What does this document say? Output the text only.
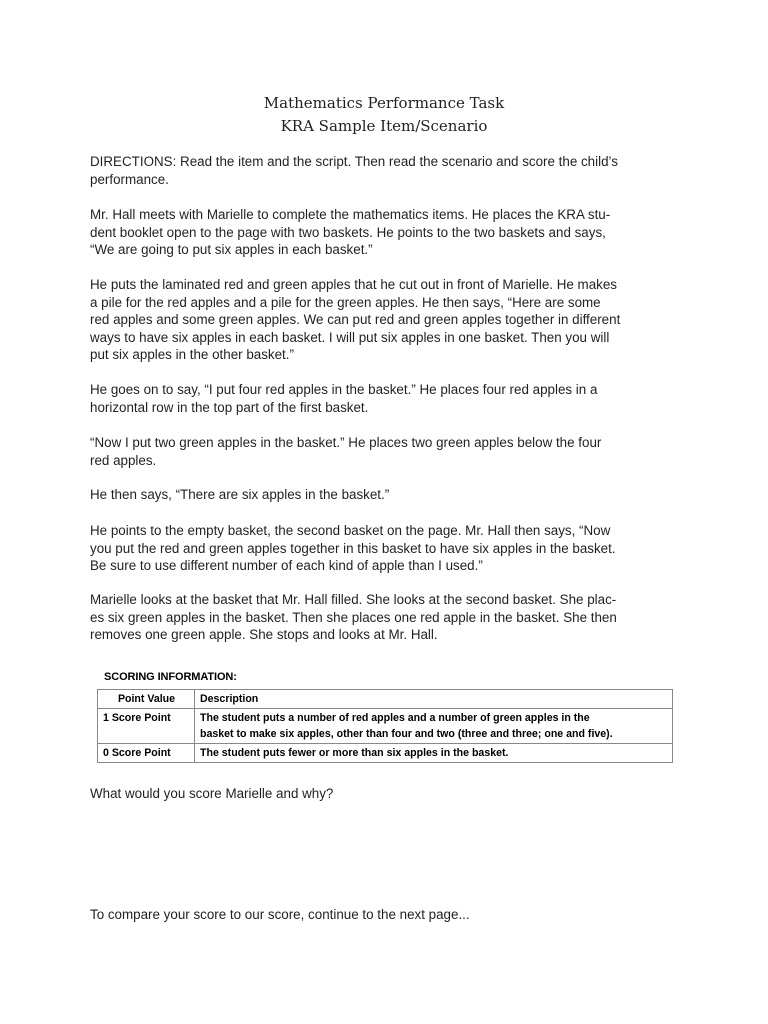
Mathematics Performance Task
KRA Sample Item/Scenario

DIRECTIONS: Read the item and the script. Then read the scenario and score the child’s
performance.

Mr. Hall meets with Marielle to complete the mathematics items. He places the KRA stu-
dent booklet open to the page with two baskets. He points to the two baskets and says,
“We are going to put six apples in each basket.”

He puts the laminated red and green apples that he cut out in front of Marielle. He makes
a pile for the red apples and a pile for the green apples. He then says, “Here are some
red apples and some green apples. We can put red and green apples together in different
ways to have six apples in each basket. I will put six apples in one basket. Then you will
put six apples in the other basket.”

He goes on to say, “I put four red apples in the basket.” He places four red apples in a
horizontal row in the top part of the first basket.

“Now I put two green apples in the basket.” He places two green apples below the four
red apples.

He then says, “There are six apples in the basket.”

He points to the empty basket, the second basket on the page. Mr. Hall then says, “Now
you put the red and green apples together in this basket to have six apples in the basket.
Be sure to use different number of each kind of apple than I used.”

Marielle looks at the basket that Mr. Hall filled. She looks at the second basket. She plac-
es six green apples in the basket. Then she places one red apple in the basket. She then
removes one green apple. She stops and looks at Mr. Hall.

SCORING INFORMATION:
Point Value	Description
1 Score Point	The student puts a number of red apples and a number of green apples in the
basket to make six apples, other than four and two (three and three; one and five).

0 Score Point	The student puts fewer or more than six apples in the basket.

What would you score Marielle and why?

To compare your score to our score, continue to the next page...
